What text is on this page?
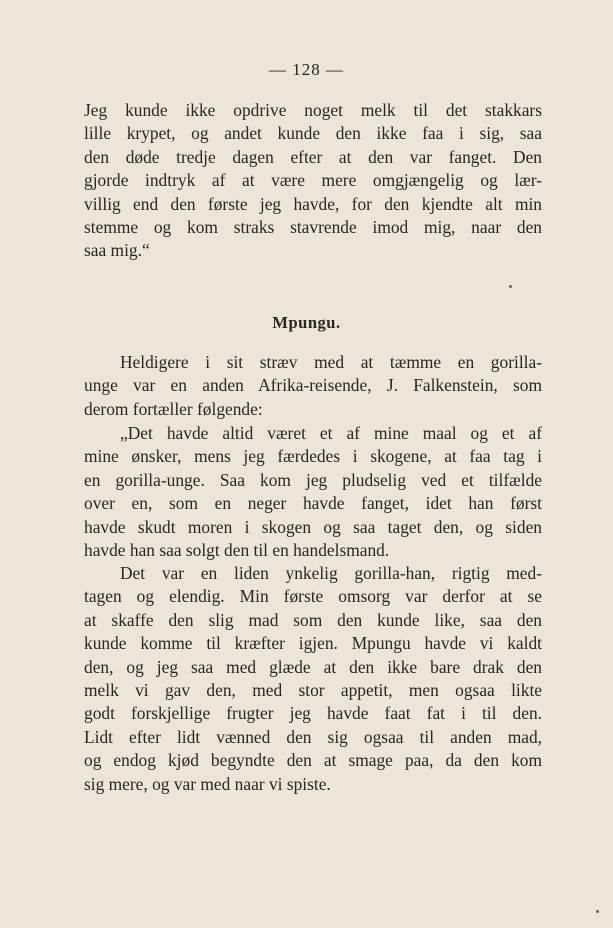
— 128 —
Jeg kunde ikke opdrive noget melk til det stakkars
lille krypet, og andet kunde den ikke faa i sig, saa
den døde tredje dagen efter at den var fanget. Den
gjorde indtryk af at være mere omgjængelig og lær-
villig end den første jeg havde, for den kjendte alt min
stemme og kom straks stavrende imod mig, naar den
saa mig.“
Mpungu.
Heldigere i sit stræv med at tæmme en gorilla-
unge var en anden Afrika-reisende, J. Falkenstein, som
derom fortæller følgende:
„Det havde altid været et af mine maal og et af
mine ønsker, mens jeg færdedes i skogene, at faa tag i
en gorilla-unge. Saa kom jeg pludselig ved et tilfælde
over en, som en neger havde fanget, idet han først
havde skudt moren i skogen og saa taget den, og siden
havde han saa solgt den til en handelsmand.
Det var en liden ynkelig gorilla-han, rigtig med-
tagen og elendig. Min første omsorg var derfor at se
at skaffe den slig mad som den kunde like, saa den
kunde komme til kræfter igjen. Mpungu havde vi kaldt
den, og jeg saa med glæde at den ikke bare drak den
melk vi gav den, med stor appetit, men ogsaa likte
godt forskjellige frugter jeg havde faat fat i til den.
Lidt efter lidt vænned den sig ogsaa til anden mad,
og endog kjød begyndte den at smage paa, da den kom
sig mere, og var med naar vi spiste.
